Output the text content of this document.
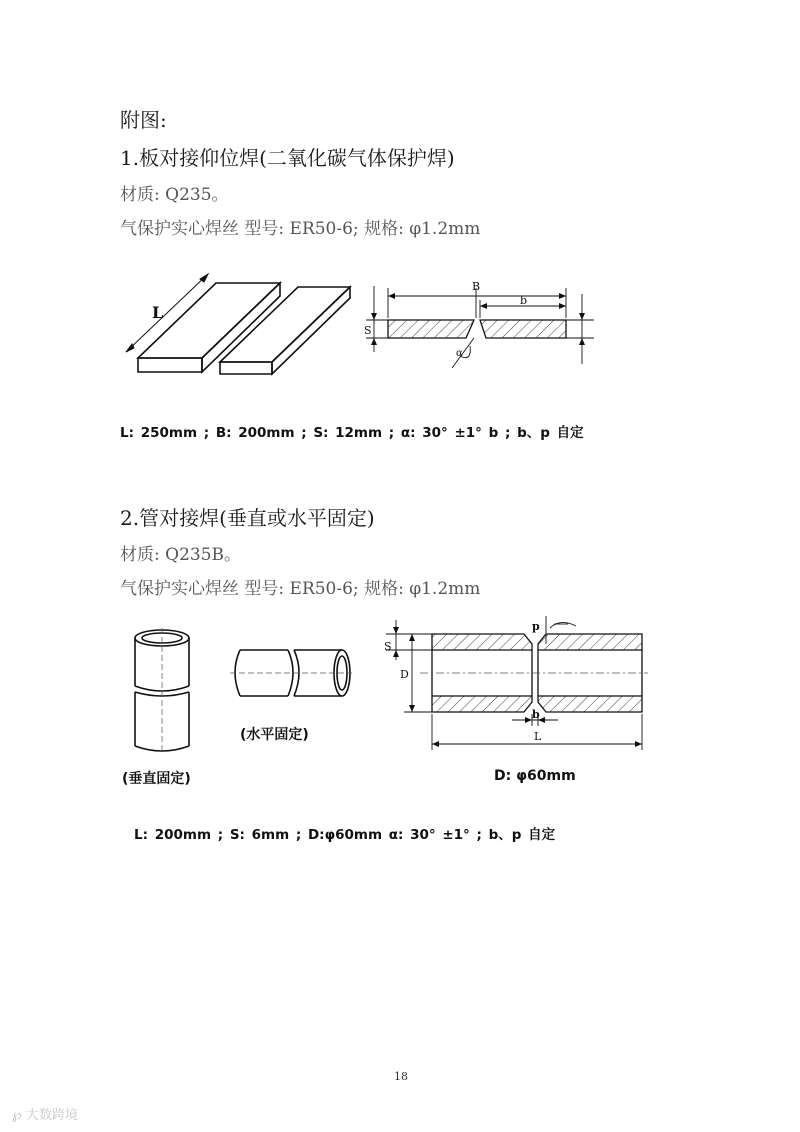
附图:
1.板对接仰位焊(二氧化碳气体保护焊)
材质: Q235。
气保护实心焊丝 型号: ER50-6; 规格: φ1.2mm
L
B
b
S
α
L: 250mm ; B: 200mm ; S: 12mm ; α: 30° ±1° b ; b、p 自定
2.管对接焊(垂直或水平固定)
材质: Q235B。
气保护实心焊丝 型号: ER50-6; 规格: φ1.2mm
(水平固定)
(垂直固定)
S
D
p
b
L
D: φ60mm
L: 200mm ; S: 6mm ; D:φ60mm α: 30° ±1° ; b、p 自定
18
℘ 大数跨境
